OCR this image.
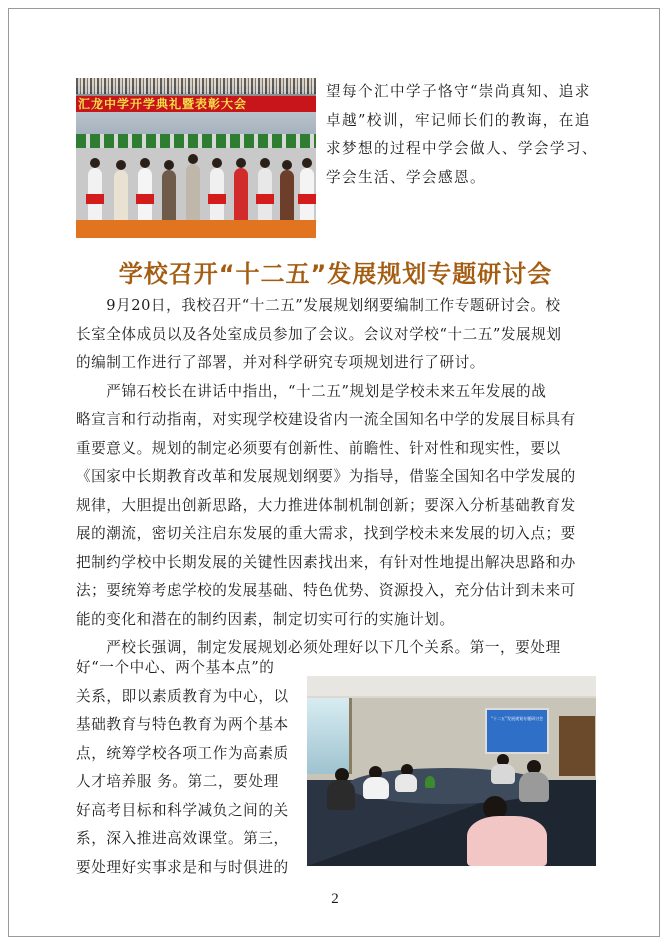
汇龙中学开学典礼暨表彰大会
望每个汇中学子恪守“崇尚真知、追求
卓越”校训，牢记师长们的教诲，在追
求梦想的过程中学会做人、学会学习、
学会生活、学会感恩。
学校召开“十二五”发展规划专题研讨会
　　9月20日，我校召开“十二五”发展规划纲要编制工作专题研讨会。校
长室全体成员以及各处室成员参加了会议。会议对学校“十二五”发展规划
的编制工作进行了部署，并对科学研究专项规划进行了研讨。
　　严锦石校长在讲话中指出，“十二五”规划是学校未来五年发展的战
略宣言和行动指南，对实现学校建设省内一流全国知名中学的发展目标具有
重要意义。规划的制定必须要有创新性、前瞻性、针对性和现实性，要以
《国家中长期教育改革和发展规划纲要》为指导，借鉴全国知名中学发展的
规律，大胆提出创新思路，大力推进体制机制创新；要深入分析基础教育发
展的潮流，密切关注启东发展的重大需求，找到学校未来发展的切入点；要
把制约学校中长期发展的关键性因素找出来，有针对性地提出解决思路和办
法；要统筹考虑学校的发展基础、特色优势、资源投入，充分估计到未来可
能的变化和潜在的制约因素，制定切实可行的实施计划。
　　严校长强调，制定发展规划必须处理好以下几个关系。第一，要处理
好“一个中心、两个基本点”的
关系，即以素质教育为中心，以
基础教育与特色教育为两个基本
点，统筹学校各项工作为高素质
人才培养服 务。第二，要处理
好高考目标和科学减负之间的关
系，深入推进高效课堂。第三，
要处理好实事求是和与时俱进的
“十二五”发展规划专题研讨会
2
